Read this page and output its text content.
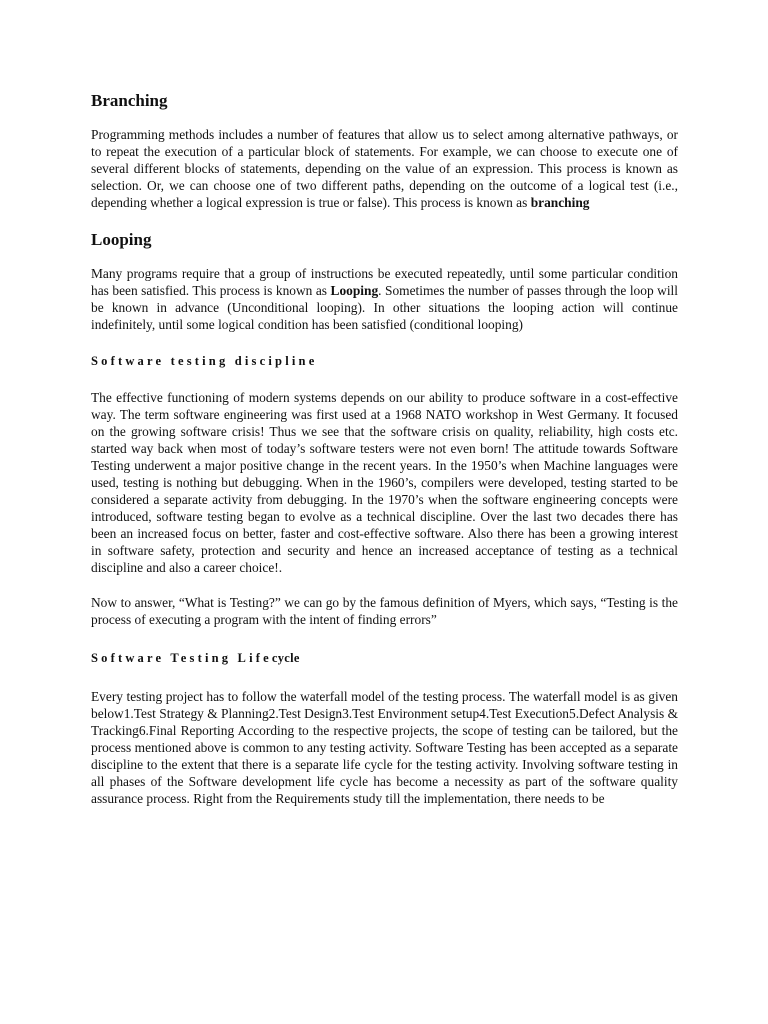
Branching

Programming methods includes a number of features that allow us to select among alternative pathways, or to repeat the execution of a particular block of statements. For example, we can choose to execute one of several different blocks of statements, depending on the value of an expression. This process is known as selection. Or, we can choose one of two different paths, depending on the outcome of a logical test (i.e., depending whether a logical expression is true or false). This process is known as branching

Looping

Many programs require that a group of instructions be executed repeatedly, until some particular condition has been satisfied. This process is known as Looping. Sometimes the number of passes through the loop will be known in advance (Unconditional looping). In other situations the looping action will continue indefinitely, until some logical condition has been satisfied (conditional looping)

Software testing discipline

The effective functioning of modern systems depends on our ability to produce software in a cost-effective way. The term software engineering was first used at a 1968 NATO workshop in West Germany. It focused on the growing software crisis! Thus we see that the software crisis on quality, reliability, high costs etc. started way back when most of today’s software testers were not even born! The attitude towards Software Testing underwent a major positive change in the recent years. In the 1950’s when Machine languages were used, testing is nothing but debugging. When in the 1960’s, compilers were developed, testing started to be considered a separate activity from debugging. In the 1970’s when the software engineering concepts were introduced, software testing began to evolve as a technical discipline. Over the last two decades there has been an increased focus on better, faster and cost-effective software. Also there has been a growing interest in software safety, protection and security and hence an increased acceptance of testing as a technical discipline and also a career choice!.

Now to answer, “What is Testing?” we can go by the famous definition of Myers, which says, “Testing is the process of executing a program with the intent of finding errors”

Software Testing Lifecycle

Every testing project has to follow the waterfall model of the testing process. The waterfall model is as given below1.Test Strategy & Planning2.Test Design3.Test Environment setup4.Test Execution5.Defect Analysis & Tracking6.Final Reporting According to the respective projects, the scope of testing can be tailored, but the process mentioned above is common to any testing activity. Software Testing has been accepted as a separate discipline to the extent that there is a separate life cycle for the testing activity. Involving software testing in all phases of the Software development life cycle has become a necessity as part of the software quality assurance process. Right from the Requirements study till the implementation, there needs to be
